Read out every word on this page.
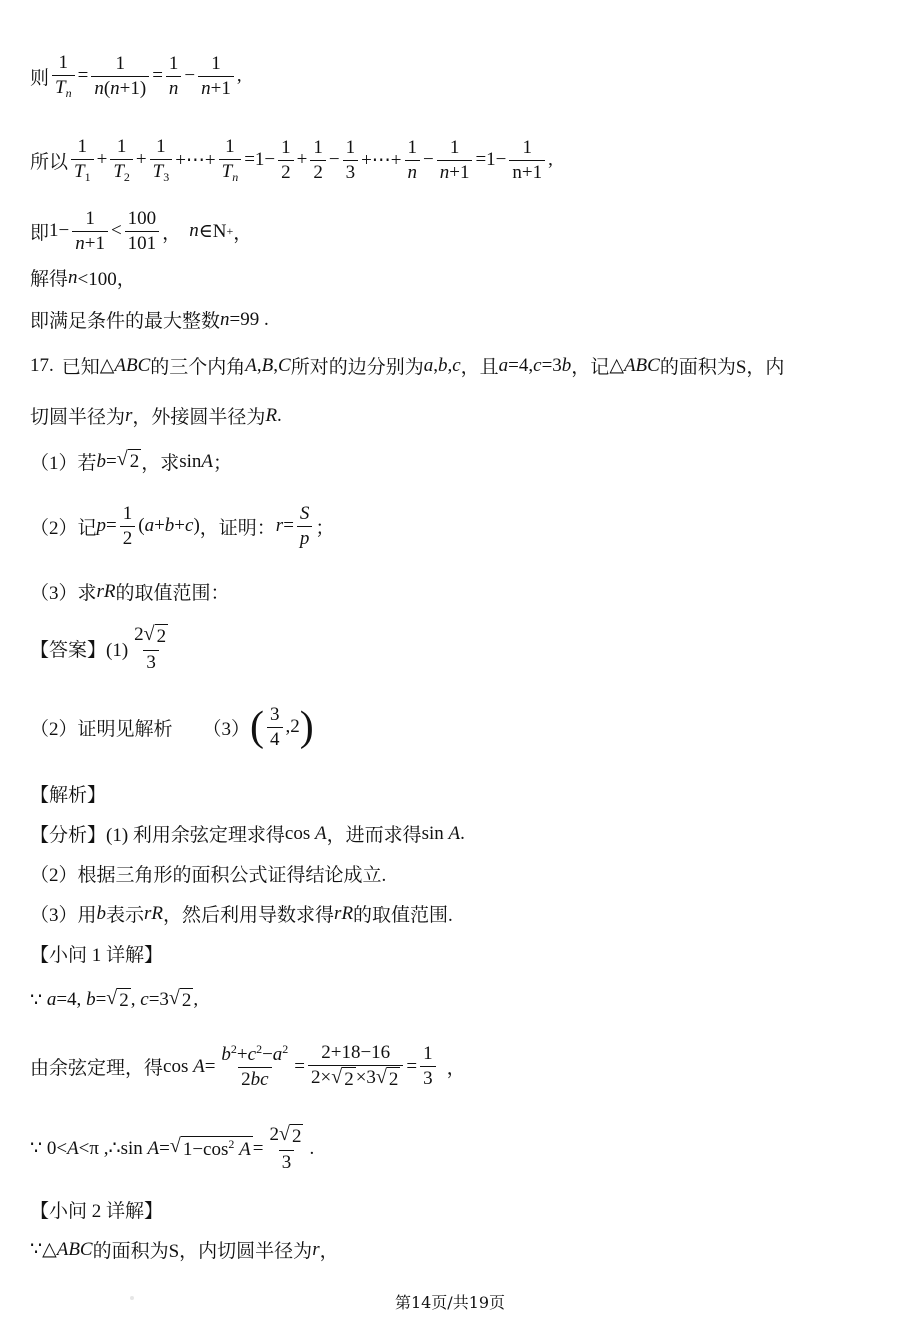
则 $\frac{1}{T_n} = \frac{1}{n(n+1)} = \frac{1}{n} - \frac{1}{n+1}$ ,
所以 $\frac{1}{T_1} + \frac{1}{T_2} + \frac{1}{T_3}$ +⋯+ $\frac{1}{T_n} =1- \frac{1}{2} + \frac{1}{2} - \frac{1}{3}$ +⋯+ $\frac{1}{n} - \frac{1}{n+1} =1- \frac{1}{n+1}$ ,
即 $1- \frac{1}{n+1} < \frac{100}{101}$ ， n ∈N + ，
解得 n <100，
即满足条件的最大整数 n =99 .
17. 已知 △ ABC 的三个内角 A , B , C 所对的边分别为 a , b , c ，且 a =4, c =3 b ，记 △ ABC 的面积为S，内
切圆半径为 r ，外接圆半径为 R .
（1）若 b = √ 2 ，求 sin A ；
（2）记 $p = \frac{1}{2}$ ( a + b + c ) ，证明： $r = \frac{S}{p}$ ；
（3）求 rR 的取值范围：
【答案】$(1) \frac{2 √ 2}{3}$
（2）证明见解析 （3） ( $\frac{3}{4} ,2$ )
【解析】
【分析】(1) 利用余弦定理求得 cos A ，进而求得 sin A .
（2）根据三角形的面积公式证得结论成立.
（3）用 b 表示 rR ，然后利用导数求得 rR 的取值范围.
【小问 1 详解】
∵ a =4, b = √ 2 , c =3 √ 2 ,
由余弦定理，得 $\cos A = \frac{b^2+c^2-a^2}{2bc} = \frac{2+18-16}{2\times √ 2 \times 3 √ 2} = \frac{1}{3}$ ，
∵ 0< A <π , ∴ sin A = √ $1-\cos^2$ $A = \frac{2 √ 2}{3}$ .
【小问 2 详解】
∵ △ ABC 的面积为S，内切圆半径为 r ，
第14页/共19页
